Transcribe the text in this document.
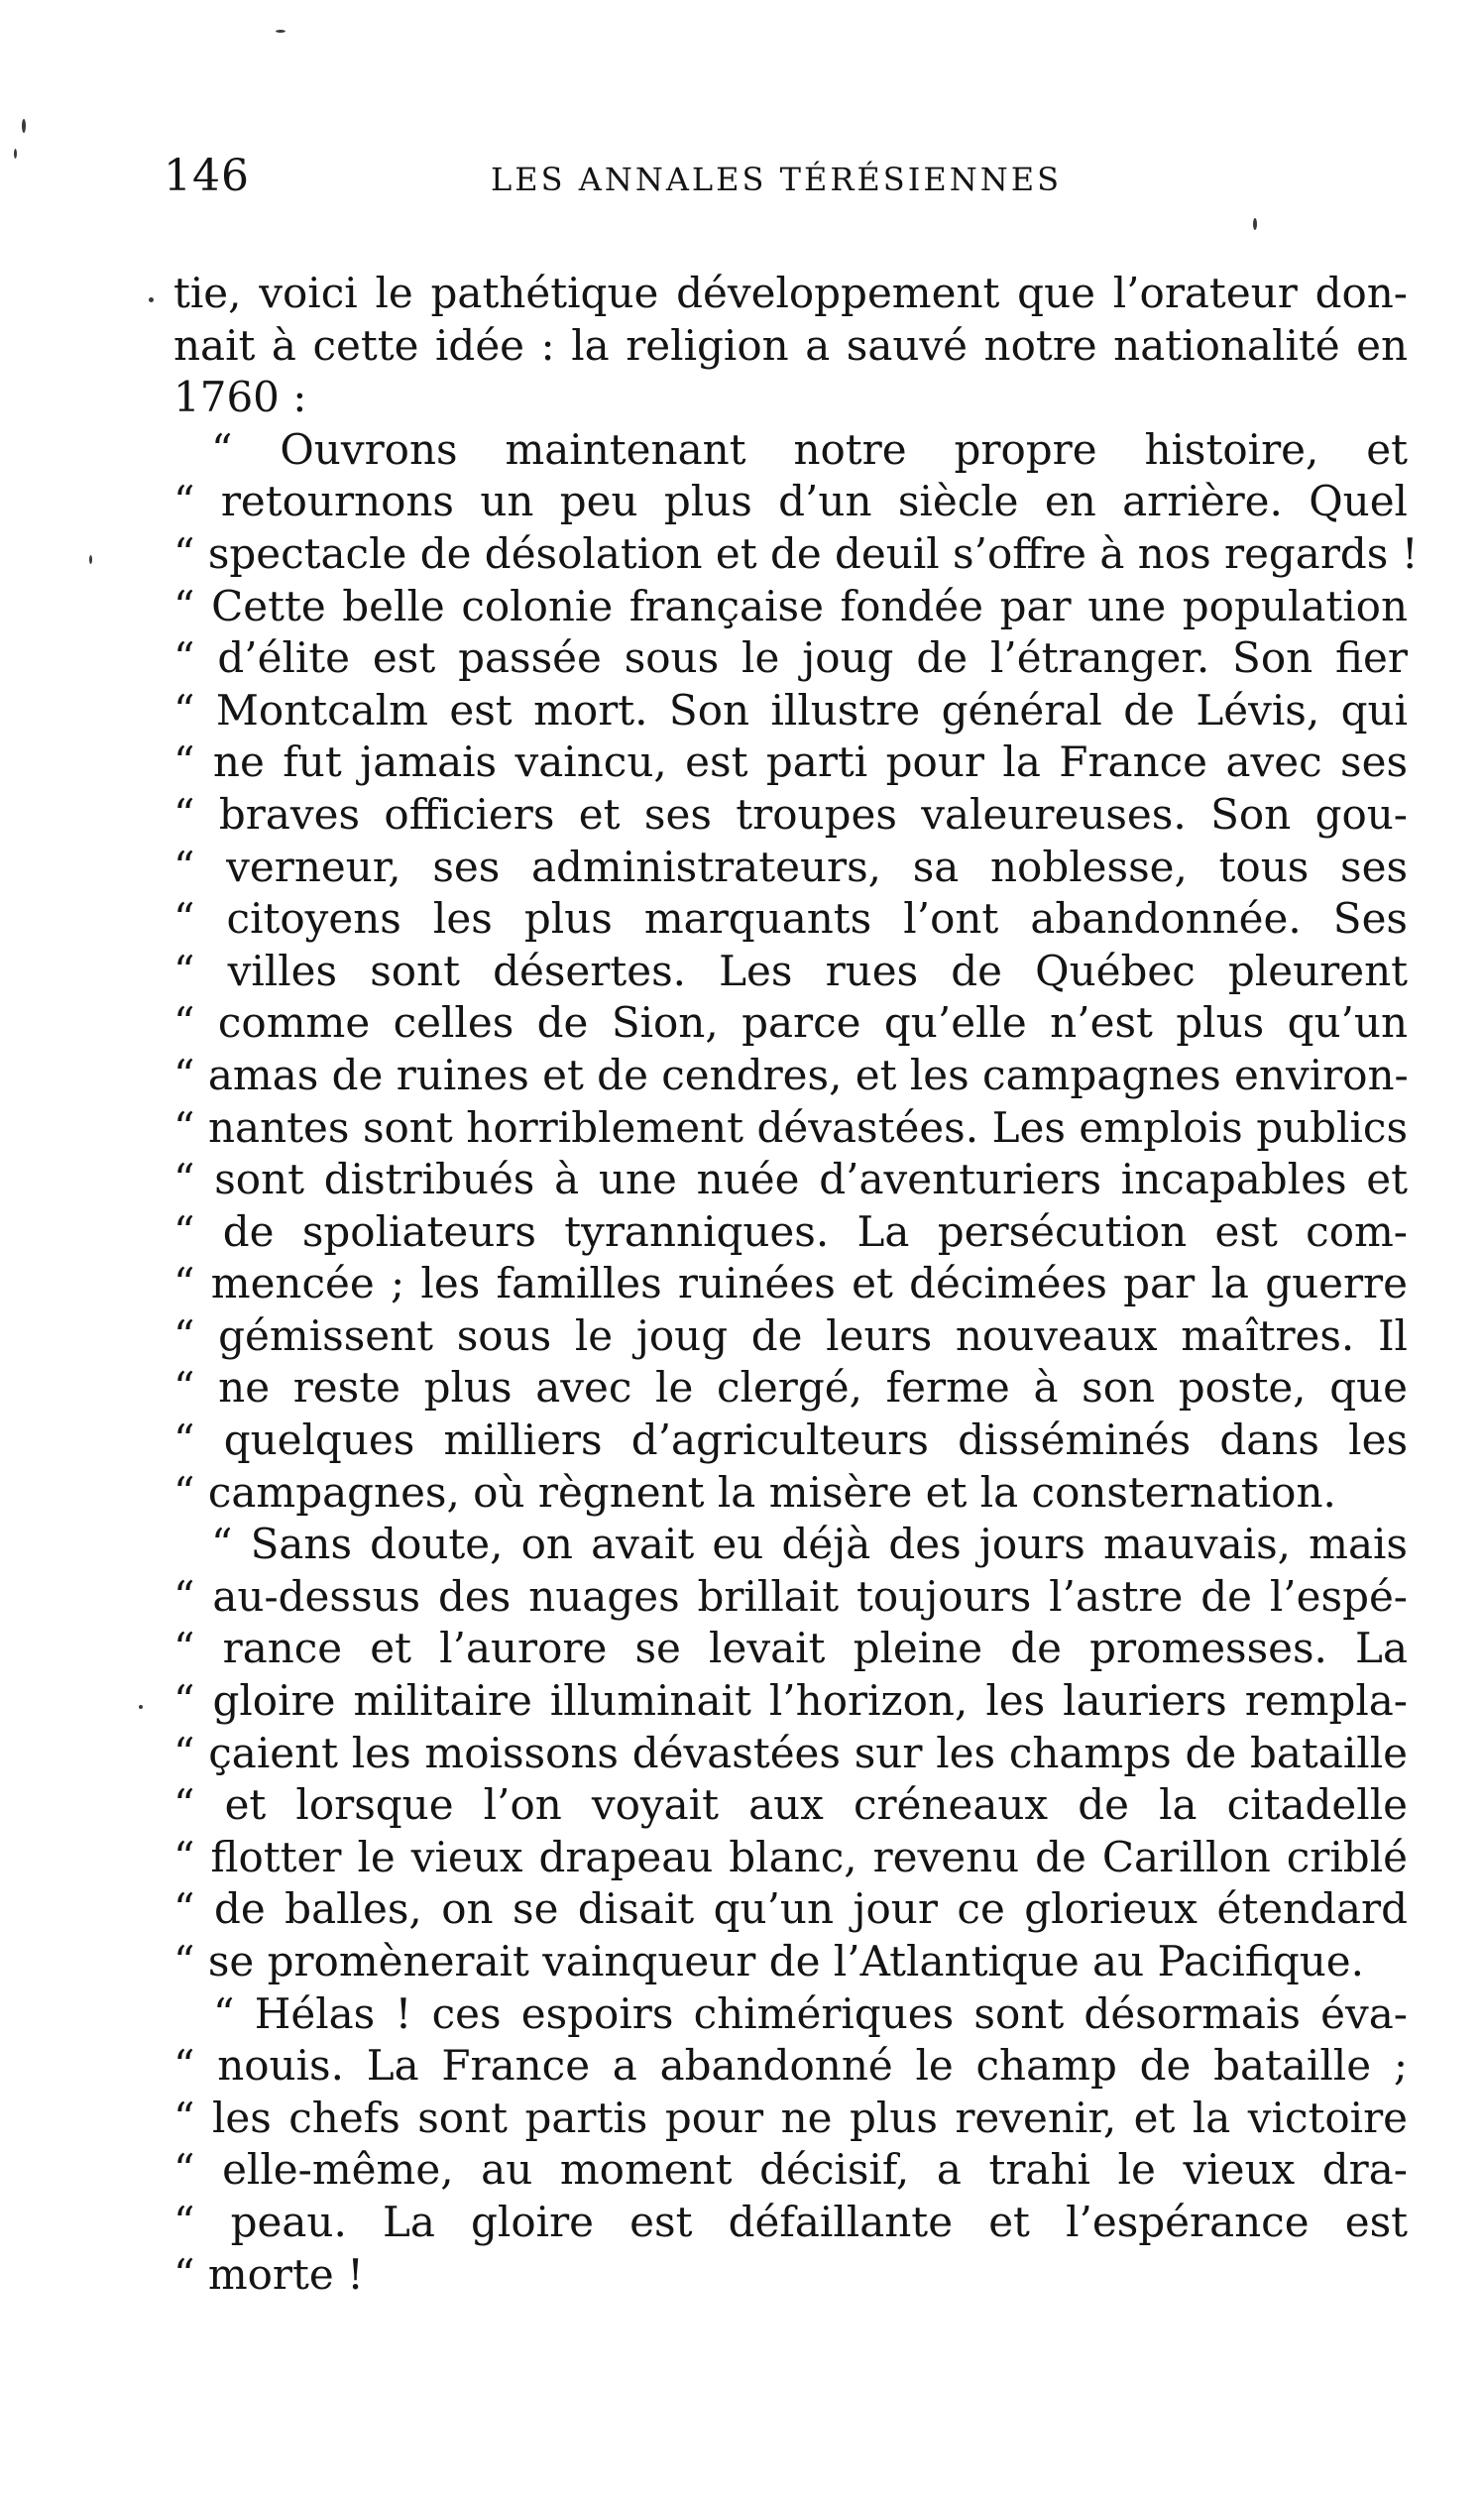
146	LES ANNALES TÉRÉSIENNES
tie, voici le pathétique développement que l’orateur don-
nait à cette idée : la religion a sauvé notre nationalité en
1760 :
“ Ouvrons maintenant notre propre histoire, et
“ retournons un peu plus d’un siècle en arrière. Quel
“ spectacle de désolation et de deuil s’offre à nos regards !
“ Cette belle colonie française fondée par une population
“ d’élite est passée sous le joug de l’étranger. Son fier
“ Montcalm est mort. Son illustre général de Lévis, qui
“ ne fut jamais vaincu, est parti pour la France avec ses
“ braves officiers et ses troupes valeureuses. Son gou-
“ verneur, ses administrateurs, sa noblesse, tous ses
“ citoyens les plus marquants l’ont abandonnée. Ses
“ villes sont désertes. Les rues de Québec pleurent
“ comme celles de Sion, parce qu’elle n’est plus qu’un
“ amas de ruines et de cendres, et les campagnes environ-
“ nantes sont horriblement dévastées. Les emplois publics
“ sont distribués à une nuée d’aventuriers incapables et
“ de spoliateurs tyranniques. La persécution est com-
“ mencée ; les familles ruinées et décimées par la guerre
“ gémissent sous le joug de leurs nouveaux maîtres. Il
“ ne reste plus avec le clergé, ferme à son poste, que
“ quelques milliers d’agriculteurs disséminés dans les
“ campagnes, où règnent la misère et la consternation.
“ Sans doute, on avait eu déjà des jours mauvais, mais
“ au-dessus des nuages brillait toujours l’astre de l’espé-
“ rance et l’aurore se levait pleine de promesses. La
“ gloire militaire illuminait l’horizon, les lauriers rempla-
“ çaient les moissons dévastées sur les champs de bataille
“ et lorsque l’on voyait aux créneaux de la citadelle
“ flotter le vieux drapeau blanc, revenu de Carillon criblé
“ de balles, on se disait qu’un jour ce glorieux étendard
“ se promènerait vainqueur de l’Atlantique au Pacifique.
“ Hélas ! ces espoirs chimériques sont désormais éva-
“ nouis. La France a abandonné le champ de bataille ;
“ les chefs sont partis pour ne plus revenir, et la victoire
“ elle-même, au moment décisif, a trahi le vieux dra-
“ peau. La gloire est défaillante et l’espérance est
“ morte !
